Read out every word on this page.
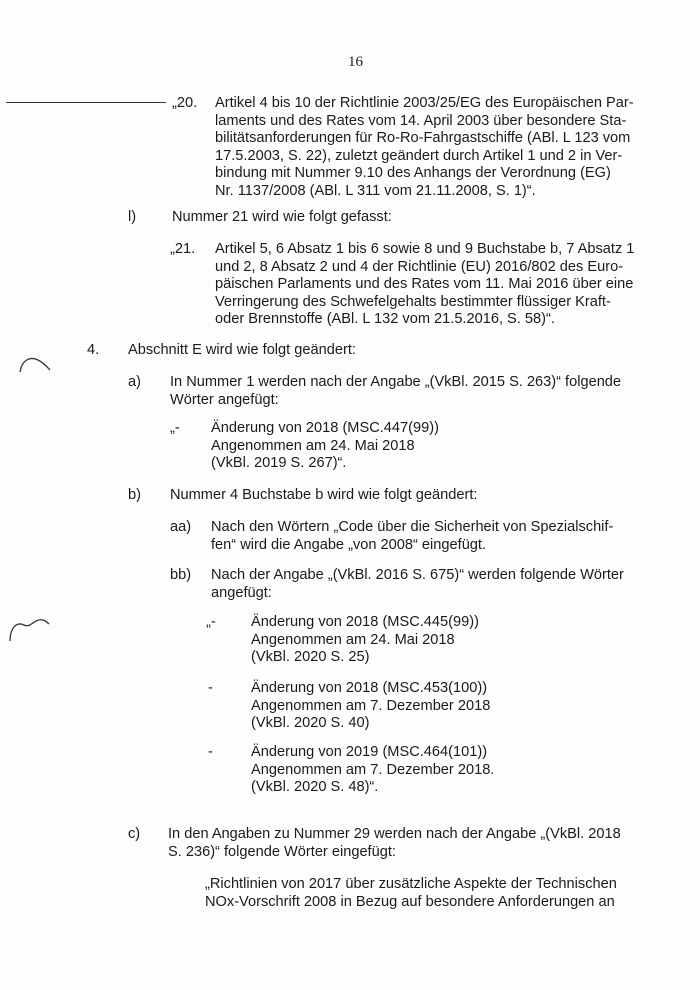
16
„20. Artikel 4 bis 10 der Richtlinie 2003/25/EG des Europäischen Par-
laments und des Rates vom 14. April 2003 über besondere Sta-
bilitätsanforderungen für Ro-Ro-Fahrgastschiffe (ABl. L 123 vom
17.5.2003, S. 22), zuletzt geändert durch Artikel 1 und 2 in Ver-
bindung mit Nummer 9.10 des Anhangs der Verordnung (EG)
Nr. 1137/2008 (ABl. L 311 vom 21.11.2008, S. 1)“.
l) Nummer 21 wird wie folgt gefasst:
„21. Artikel 5, 6 Absatz 1 bis 6 sowie 8 und 9 Buchstabe b, 7 Absatz 1
und 2, 8 Absatz 2 und 4 der Richtlinie (EU) 2016/802 des Euro-
päischen Parlaments und des Rates vom 11. Mai 2016 über eine
Verringerung des Schwefelgehalts bestimmter flüssiger Kraft-
oder Brennstoffe (ABl. L 132 vom 21.5.2016, S. 58)“.
4. Abschnitt E wird wie folgt geändert:
a) In Nummer 1 werden nach der Angabe „(VkBl. 2015 S. 263)“ folgende
Wörter angefügt:
„- Änderung von 2018 (MSC.447(99))
Angenommen am 24. Mai 2018
(VkBl. 2019 S. 267)“.
b) Nummer 4 Buchstabe b wird wie folgt geändert:
aa) Nach den Wörtern „Code über die Sicherheit von Spezialschif-
fen“ wird die Angabe „von 2008“ eingefügt.
bb) Nach der Angabe „(VkBl. 2016 S. 675)“ werden folgende Wörter
angefügt:
„- Änderung von 2018 (MSC.445(99))
Angenommen am 24. Mai 2018
(VkBl. 2020 S. 25)
-	Änderung von 2018 (MSC.453(100))
Angenommen am 7. Dezember 2018
(VkBl. 2020 S. 40)
-	Änderung von 2019 (MSC.464(101))
Angenommen am 7. Dezember 2018.
(VkBl. 2020 S. 48)“.
c) In den Angaben zu Nummer 29 werden nach der Angabe „(VkBl. 2018
S. 236)“ folgende Wörter eingefügt:
„Richtlinien von 2017 über zusätzliche Aspekte der Technischen
NOx-Vorschrift 2008 in Bezug auf besondere Anforderungen an
